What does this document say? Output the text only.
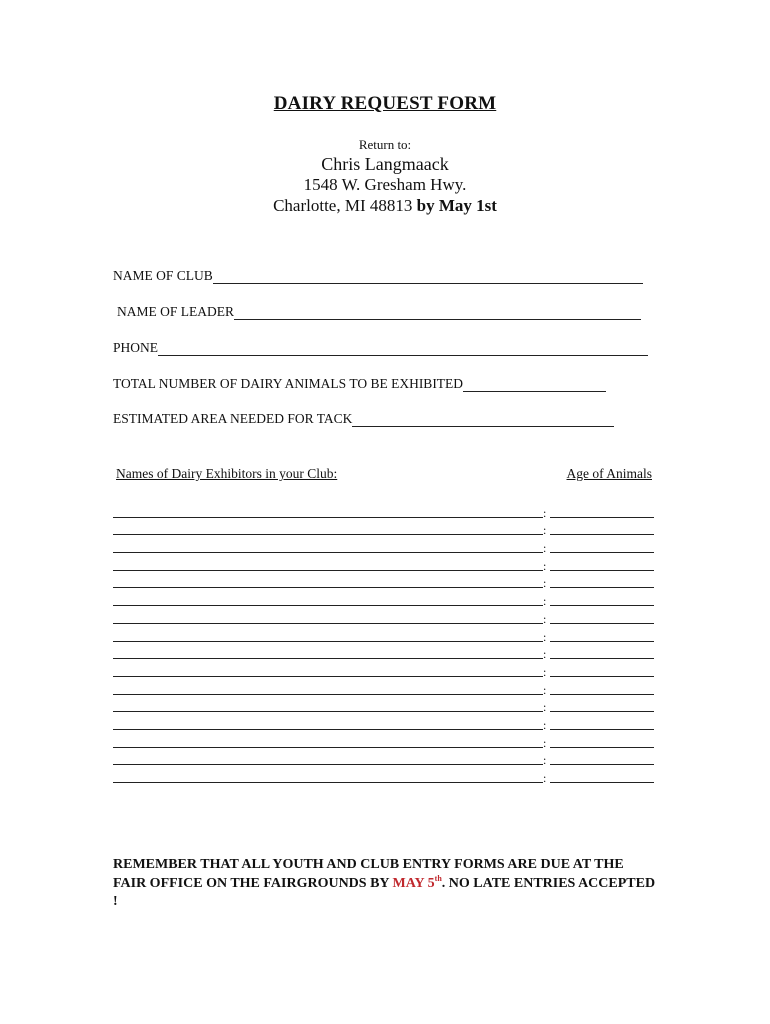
DAIRY REQUEST FORM
Return to:
Chris Langmaack
1548 W. Gresham Hwy.
Charlotte, MI 48813 by May 1st
NAME OF CLUB
NAME OF LEADER
PHONE
TOTAL NUMBER OF DAIRY ANIMALS TO BE EXHIBITED
ESTIMATED AREA NEEDED FOR TACK
Names of Dairy Exhibitors in your Club:	Age of Animals
:
:
:
:
:
:
:
:
:
:
:
:
:
:
:
:
REMEMBER THAT ALL YOUTH AND CLUB ENTRY FORMS ARE DUE AT THE FAIR OFFICE ON THE FAIRGROUNDS BY MAY 5th. NO LATE ENTRIES ACCEPTED !
